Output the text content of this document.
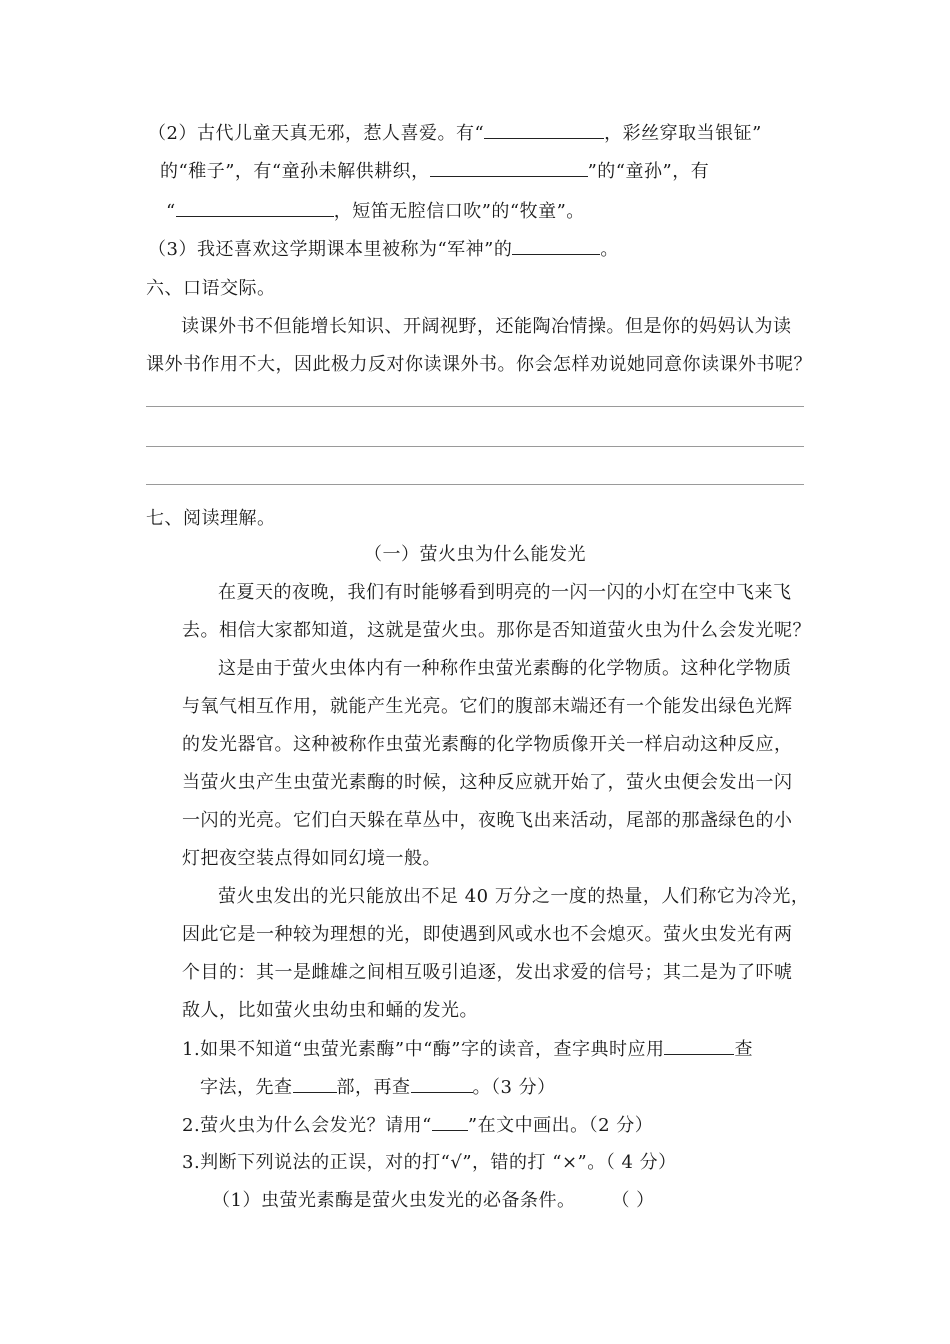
（2）古代儿童天真无邪，惹人喜爱。有“	，彩丝穿取当银钲”
的“稚子”，有“童孙未解供耕织，	”的“童孙”，有
“	，短笛无腔信口吹”的“牧童”。
（3）我还喜欢这学期课本里被称为“军神”的	。
六、口语交际。
读课外书不但能增长知识、开阔视野，还能陶冶情操。但是你的妈妈认为读
课外书作用不大，因此极力反对你读课外书。你会怎样劝说她同意你读课外书呢？
七、阅读理解。
（一）萤火虫为什么能发光
在夏天的夜晚，我们有时能够看到明亮的一闪一闪的小灯在空中飞来飞
去。相信大家都知道，这就是萤火虫。那你是否知道萤火虫为什么会发光呢？
这是由于萤火虫体内有一种称作虫萤光素酶的化学物质。这种化学物质
与氧气相互作用，就能产生光亮。它们的腹部末端还有一个能发出绿色光辉
的发光器官。这种被称作虫萤光素酶的化学物质像开关一样启动这种反应，
当萤火虫产生虫萤光素酶的时候，这种反应就开始了，萤火虫便会发出一闪
一闪的光亮。它们白天躲在草丛中，夜晚飞出来活动，尾部的那盏绿色的小
灯把夜空装点得如同幻境一般。
萤火虫发出的光只能放出不足 40 万分之一度的热量，人们称它为冷光，
因此它是一种较为理想的光，即使遇到风或水也不会熄灭。萤火虫发光有两
个目的：其一是雌雄之间相互吸引追逐，发出求爱的信号；其二是为了吓唬
敌人，比如萤火虫幼虫和蛹的发光。
1.如果不知道“虫萤光素酶”中“酶”字的读音，查字典时应用	查
字法，先查 部，再查	。（3 分）
2.萤火虫为什么会发光？请用“ ”在文中画出。（2 分）
3.判断下列说法的正误，对的打“√”，错的打 “×”。（ 4 分）
（1）虫萤光素酶是萤火虫发光的必备条件。 （ ）
